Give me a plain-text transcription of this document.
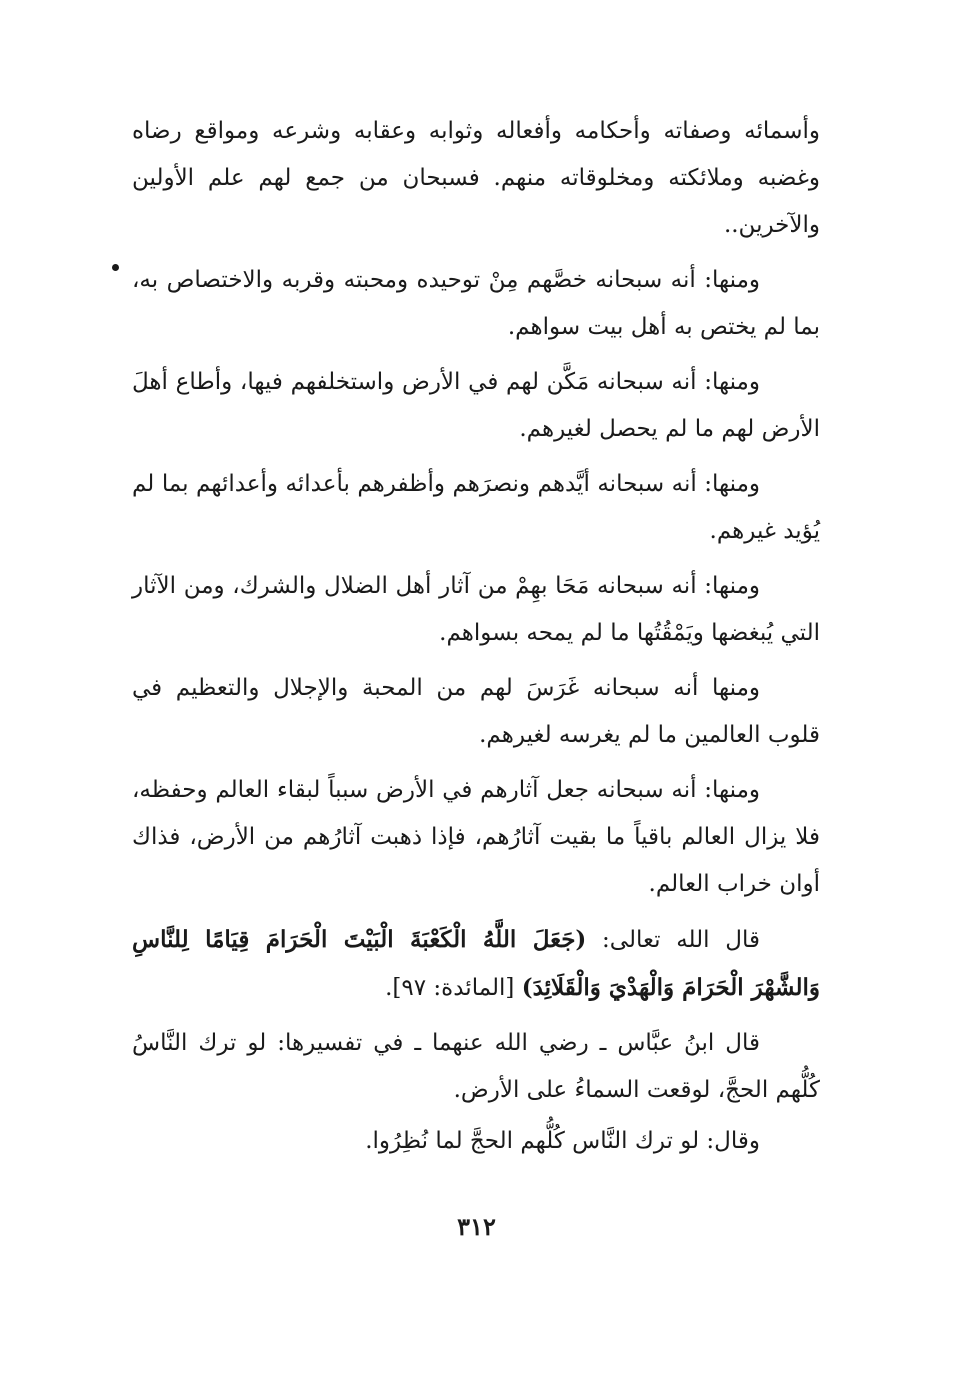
وأسمائه وصفاته وأحكامه وأفعاله وثوابه وعقابه وشرعه ومواقع رضاه وغضبه وملائكته ومخلوقاته منهم. فسبحان من جمع لهم علم الأولين والآخرين..

ومنها: أنه سبحانه خصَّهم مِنْ توحيده ومحبته وقربه والاختصاص به، بما لم يختص به أهل بيت سواهم.

ومنها: أنه سبحانه مَكَّن لهم في الأرض واستخلفهم فيها، وأطاع أهلَ الأرض لهم ما لم يحصل لغيرهم.

ومنها: أنه سبحانه أيَّدهم ونصرَهم وأظفرهم بأعدائه وأعدائهم بما لم يُؤيد غيرهم.

ومنها: أنه سبحانه مَحَا بهِمْ من آثار أهل الضلال والشرك، ومن الآثار التي يُبغضها ويَمْقُتُها ما لم يمحه بسواهم.

ومنها أنه سبحانه غَرَسَ لهم من المحبة والإجلال والتعظيم في قلوب العالمين ما لم يغرسه لغيرهم.

ومنها: أنه سبحانه جعل آثارهم في الأرض سبباً لبقاء العالم وحفظه، فلا يزال العالم باقياً ما بقيت آثارُهم، فإذا ذهبت آثارُهم من الأرض، فذاك أوان خراب العالم.

قال الله تعالى: (جَعَلَ اللَّهُ الْكَعْبَةَ الْبَيْتَ الْحَرَامَ قِيَامًا لِلنَّاسِ وَالشَّهْرَ الْحَرَامَ وَالْهَدْيَ وَالْقَلَائِدَ) [المائدة: ٩٧].

قال ابنُ عبَّاس ـ رضي الله عنهما ـ في تفسيرها: لو ترك النَّاسُ كُلُّهم الحجَّ، لوقعت السماءُ على الأرض.

وقال: لو ترك النَّاس كُلُّهم الحجَّ لما نُظِرُوا.

٣١٢
